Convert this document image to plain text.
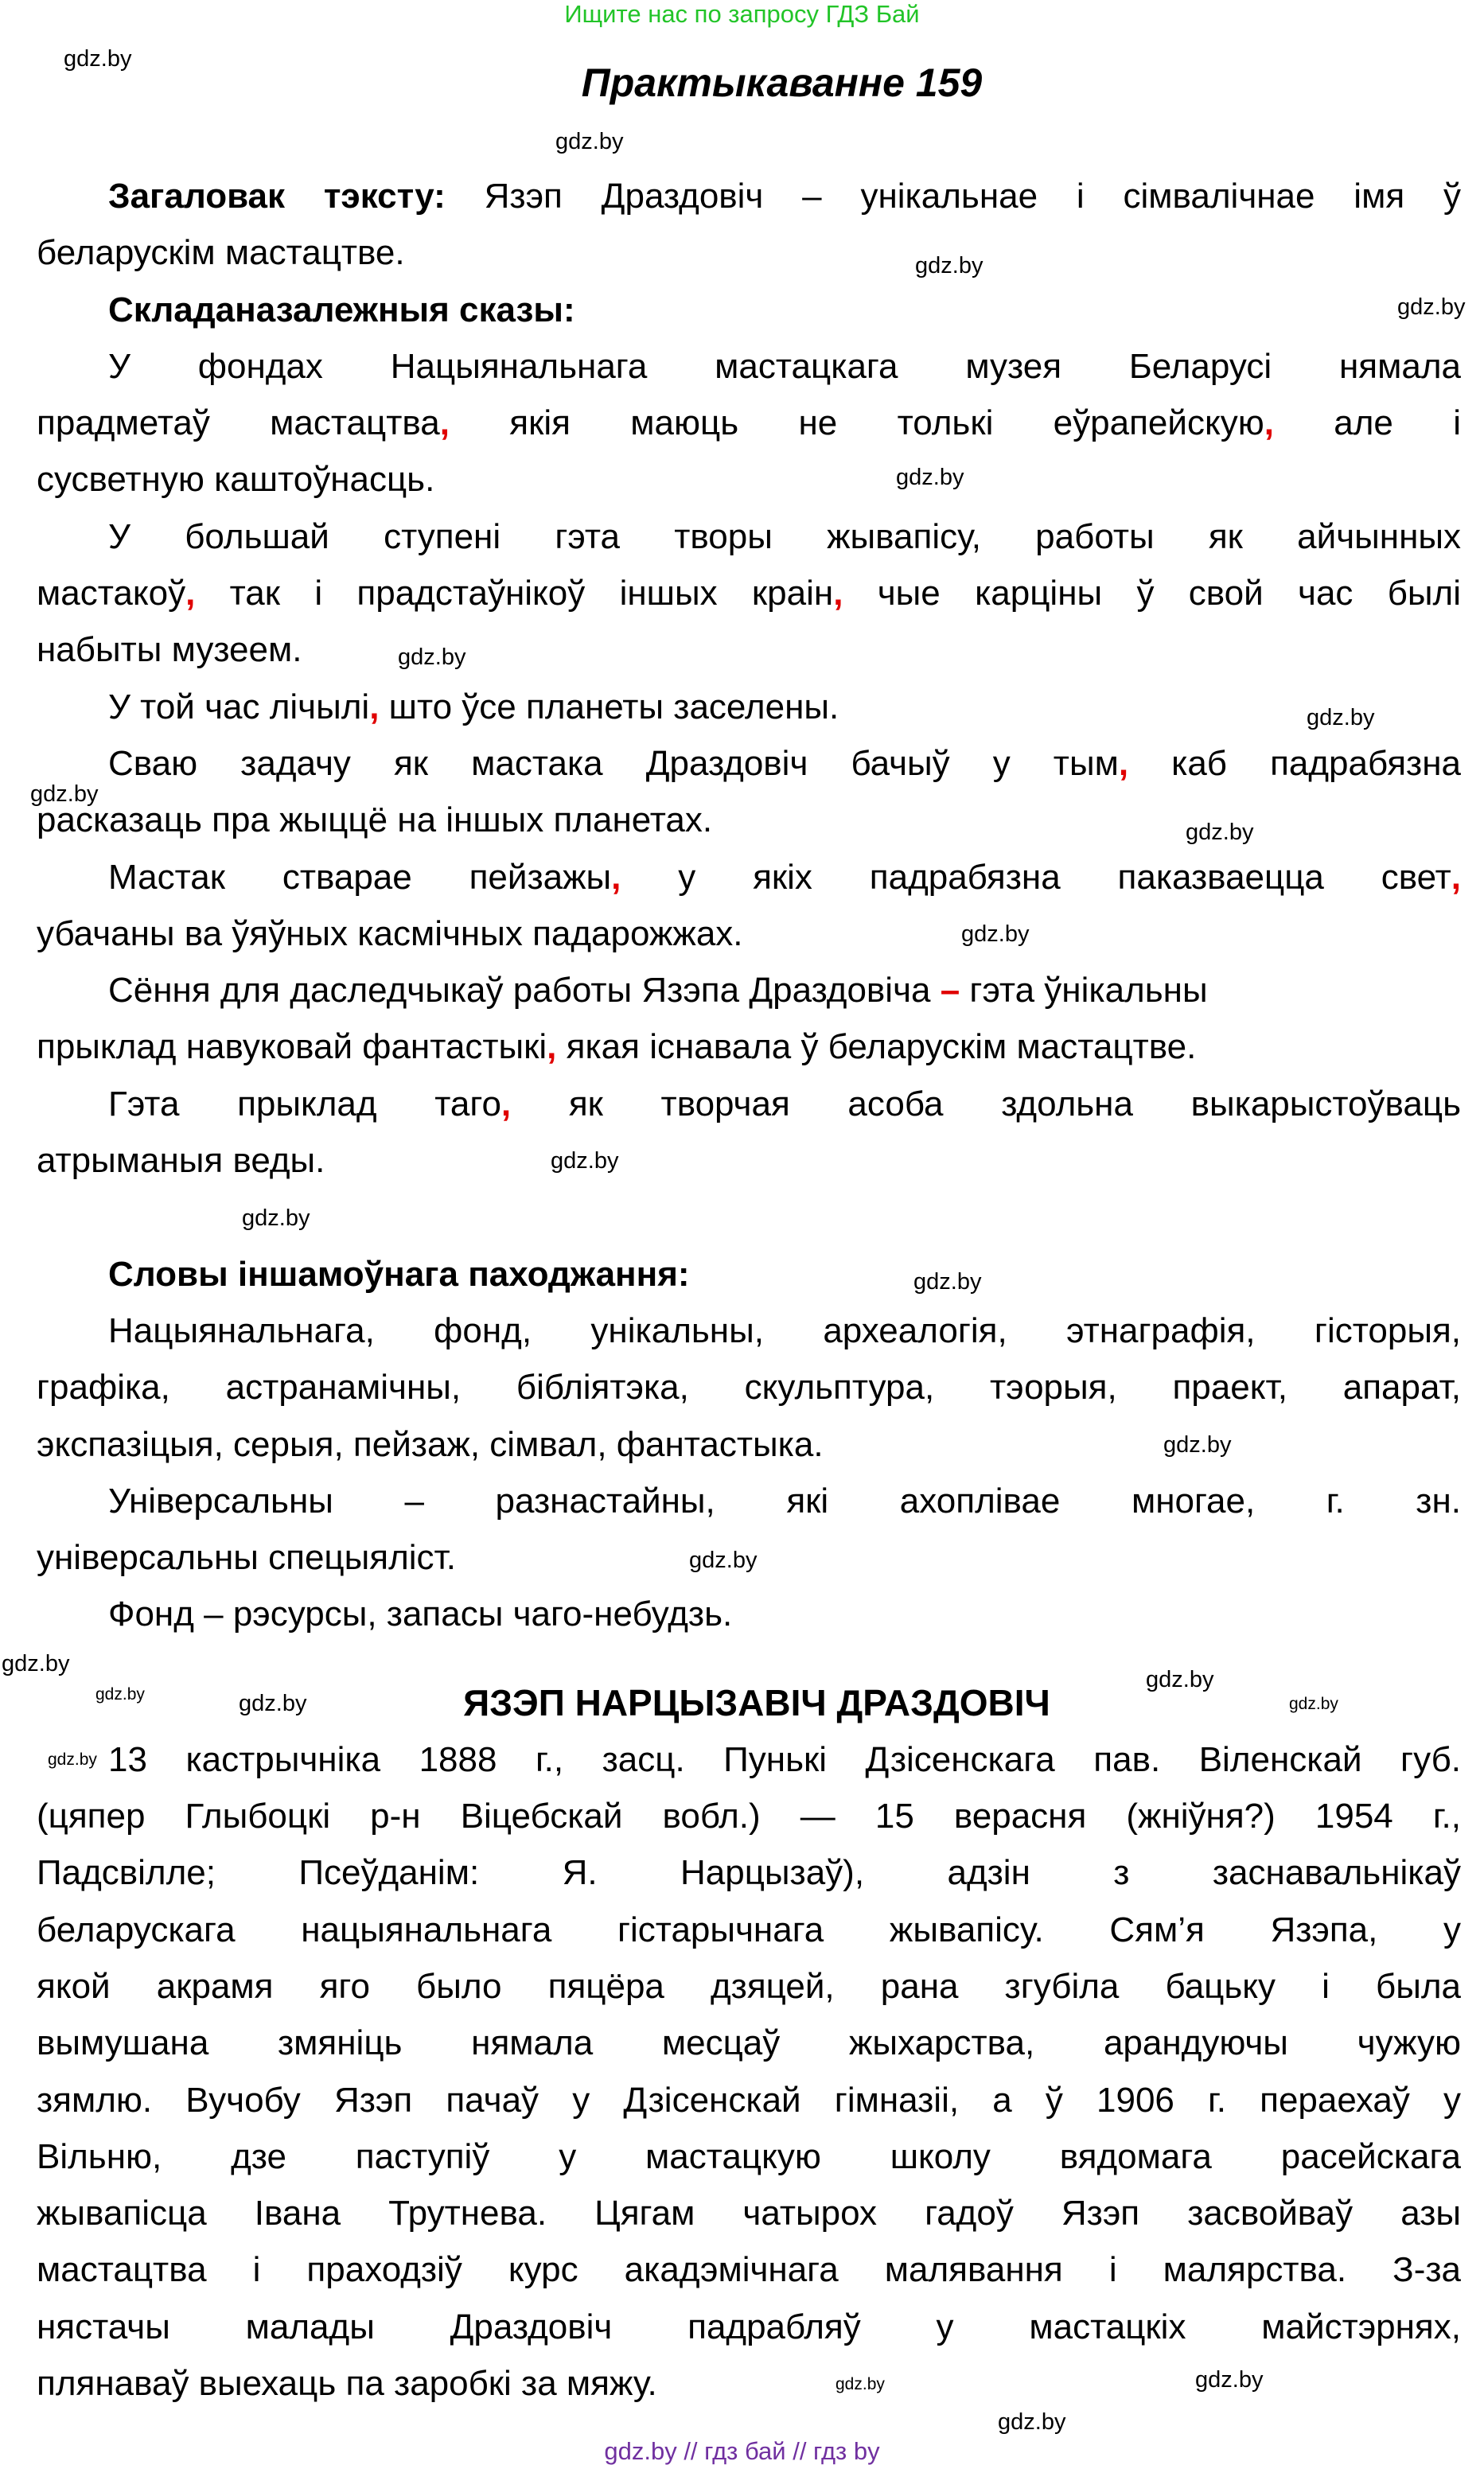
Ищите нас по запросу ГДЗ Бай
Практыкаванне 159
Загаловак тэксту: Язэп Драздовіч – унікальнае і сімвалічнае імя ў
беларускім мастацтве.
Складаназалежныя сказы:
У фондах Нацыянальнага мастацкага музея Беларусі нямала
прадметаў мастацтва, якія маюць не толькі еўрапейскую, але і
сусветную каштоўнасць.
У большай ступені гэта творы жывапісу, работы як айчынных
мастакоў, так і прадстаўнікоў іншых краін, чые карціны ў свой час былі
набыты музеем.
У той час лічылі, што ўсе планеты заселены.
Сваю задачу як мастака Драздовіч бачыў у тым, каб падрабязна
расказаць пра жыццё на іншых планетах.
Мастак стварае пейзажы, у якіх падрабязна паказваецца свет,
убачаны ва ўяўных касмічных падарожжах.
Сёння для даследчыкаў работы Язэпа Драздовіча – гэта ўнікальны
прыклад навуковай фантастыкі, якая існавала ў беларускім мастацтве.
Гэта прыклад таго, як творчая асоба здольна выкарыстоўваць
атрыманыя веды.
Словы іншамоўнага паходжання:
Нацыянальнага, фонд, унікальны, археалогія, этнаграфія, гісторыя,
графіка, астранамічны, бібліятэка, скульптура, тэорыя, праект, апарат,
экспазіцыя, серыя, пейзаж, сімвал, фантастыка.
Універсальны – разнастайны, які ахоплівае многае, г. зн.
універсальны спецыяліст.
Фонд – рэсурсы, запасы чаго-небудзь.
ЯЗЭП НАРЦЫЗАВІЧ ДРАЗДОВІЧ
13 кастрычніка 1888 г., засц. Пунькі Дзісенскага пав. Віленскай губ.
(цяпер Глыбоцкі р-н Віцебскай вобл.) — 15 верасня (жніўня?) 1954 г.,
Падсвілле; Псеўданім: Я. Нарцызаў), адзін з заснавальнікаў
беларускага нацыянальнага гістарычнага жывапісу. Сям’я Язэпа, у
якой акрамя яго было пяцёра дзяцей, рана згубіла бацьку і была
вымушана змяніць нямала месцаў жыхарства, арандуючы чужую
зямлю. Вучобу Язэп пачаў у Дзісенскай гімназіі, а ў 1906 г. пераехаў у
Вільню, дзе паступіў у мастацкую школу вядомага расейскага
жывапісца Івана Трутнева. Цягам чатырох гадоў Язэп засвойваў азы
мастацтва і праходзіў курс акадэмічнага малявання і малярства. З-за
нястачы малады Драздовіч падрабляў у мастацкіх майстэрнях,
плянаваў выехаць па заробкі за мяжу.
gdz.by
gdz.by
gdz.by
gdz.by
gdz.by
gdz.by
gdz.by
gdz.by
gdz.by
gdz.by
gdz.by
gdz.by
gdz.by
gdz.by
gdz.by
gdz.by
gdz.by
gdz.by
gdz.by
gdz.by
gdz.by
gdz.by	gdz.by
gdz.by
gdz.by // гдз бай // гдз by
